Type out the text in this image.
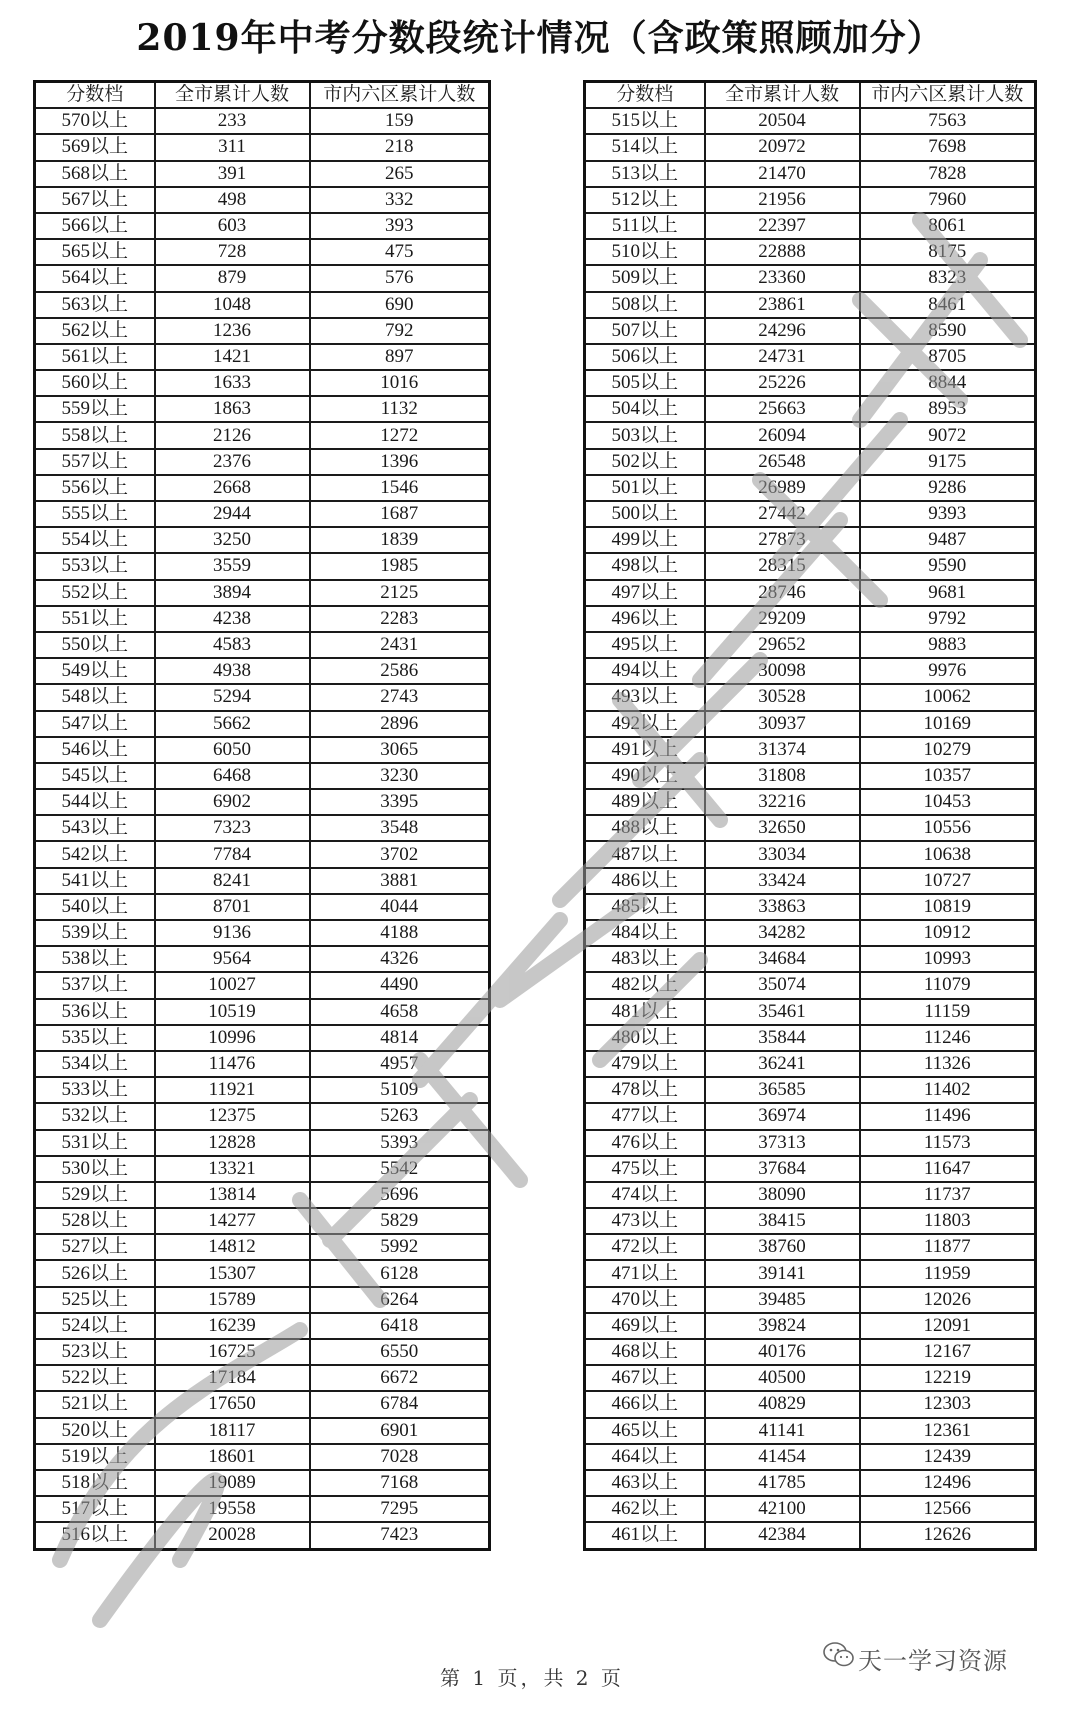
2019年中考分数段统计情况（含政策照顾加分）
分数档	全市累计人数	市内六区累计人数
570以上	233	159
569以上	311	218
568以上	391	265
567以上	498	332
566以上	603	393
565以上	728	475
564以上	879	576
563以上	1048	690
562以上	1236	792
561以上	1421	897
560以上	1633	1016
559以上	1863	1132
558以上	2126	1272
557以上	2376	1396
556以上	2668	1546
555以上	2944	1687
554以上	3250	1839
553以上	3559	1985
552以上	3894	2125
551以上	4238	2283
550以上	4583	2431
549以上	4938	2586
548以上	5294	2743
547以上	5662	2896
546以上	6050	3065
545以上	6468	3230
544以上	6902	3395
543以上	7323	3548
542以上	7784	3702
541以上	8241	3881
540以上	8701	4044
539以上	9136	4188
538以上	9564	4326
537以上	10027	4490
536以上	10519	4658
535以上	10996	4814
534以上	11476	4957
533以上	11921	5109
532以上	12375	5263
531以上	12828	5393
530以上	13321	5542
529以上	13814	5696
528以上	14277	5829
527以上	14812	5992
526以上	15307	6128
525以上	15789	6264
524以上	16239	6418
523以上	16725	6550
522以上	17184	6672
521以上	17650	6784
520以上	18117	6901
519以上	18601	7028
518以上	19089	7168
517以上	19558	7295
516以上	20028	7423
分数档	全市累计人数	市内六区累计人数
515以上	20504	7563
514以上	20972	7698
513以上	21470	7828
512以上	21956	7960
511以上	22397	8061
510以上	22888	8175
509以上	23360	8323
508以上	23861	8461
507以上	24296	8590
506以上	24731	8705
505以上	25226	8844
504以上	25663	8953
503以上	26094	9072
502以上	26548	9175
501以上	26989	9286
500以上	27442	9393
499以上	27873	9487
498以上	28315	9590
497以上	28746	9681
496以上	29209	9792
495以上	29652	9883
494以上	30098	9976
493以上	30528	10062
492以上	30937	10169
491以上	31374	10279
490以上	31808	10357
489以上	32216	10453
488以上	32650	10556
487以上	33034	10638
486以上	33424	10727
485以上	33863	10819
484以上	34282	10912
483以上	34684	10993
482以上	35074	11079
481以上	35461	11159
480以上	35844	11246
479以上	36241	11326
478以上	36585	11402
477以上	36974	11496
476以上	37313	11573
475以上	37684	11647
474以上	38090	11737
473以上	38415	11803
472以上	38760	11877
471以上	39141	11959
470以上	39485	12026
469以上	39824	12091
468以上	40176	12167
467以上	40500	12219
466以上	40829	12303
465以上	41141	12361
464以上	41454	12439
463以上	41785	12496
462以上	42100	12566
461以上	42384	12626
第 1 页，共 2 页
天一学习资源
